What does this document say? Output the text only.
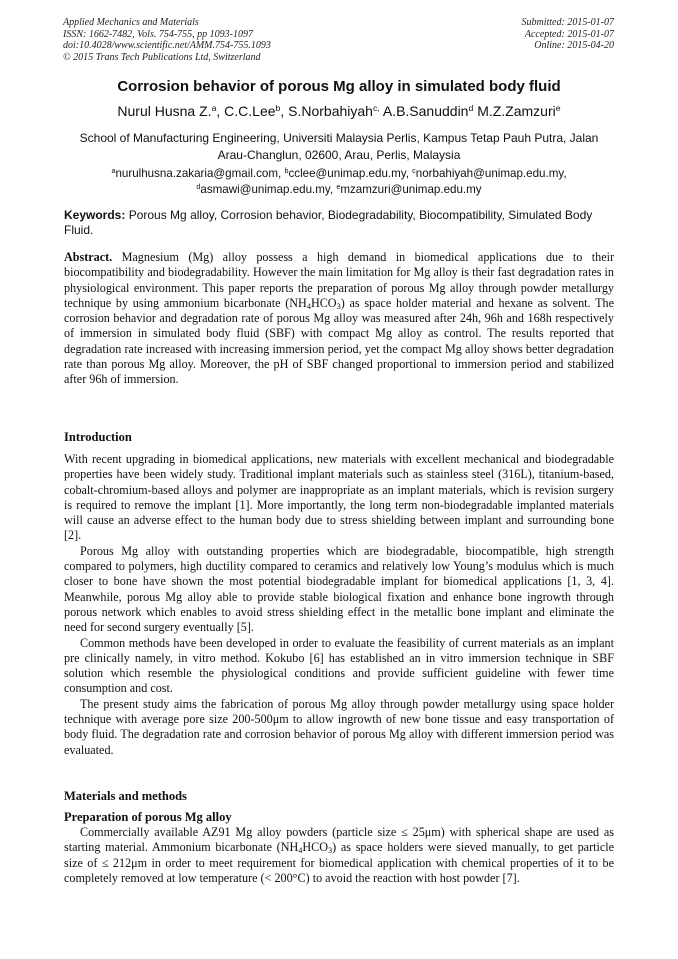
Applied Mechanics and Materials
ISSN: 1662-7482, Vols. 754-755, pp 1093-1097
doi:10.4028/www.scientific.net/AMM.754-755.1093
© 2015 Trans Tech Publications Ltd, Switzerland
Submitted: 2015-01-07
Accepted: 2015-01-07
Online: 2015-04-20
Corrosion behavior of porous Mg alloy in simulated body fluid
Nurul Husna Z.$^a$, C.C.Lee$^b$, S.Norbahiyah$^{c,}$ A.B.Sanuddin$^d$ M.Z.Zamzuri$^e$
School of Manufacturing Engineering, Universiti Malaysia Perlis, Kampus Tetap Pauh Putra, Jalan Arau-Changlun, 02600, Arau, Perlis, Malaysia
$^a$nurulhusna.zakaria@gmail.com, $^b$cclee@unimap.edu.my, $^c$norbahiyah@unimap.edu.my,
$^d$asmawi@unimap.edu.my, $^e$mzamzuri@unimap.edu.my
Keywords: Porous Mg alloy, Corrosion behavior, Biodegradability, Biocompatibility, Simulated Body Fluid.

Abstract. Magnesium (Mg) alloy possess a high demand in biomedical applications due to their biocompatibility and biodegradability. However the main limitation for Mg alloy is their fast degradation rates in physiological environment. This paper reports the preparation of porous Mg alloy through powder metallurgy technique by using ammonium bicarbonate $(NH_4HCO_3)$ as space holder material and hexane as solvent. The corrosion behavior and degradation rate of porous Mg alloy was measured after 24h, 96h and 168h respectively of immersion in simulated body fluid (SBF) with compact Mg alloy as control. The results reported that degradation rate increased with increasing immersion period, yet the compact Mg alloy shows better degradation rate than porous Mg alloy. Moreover, the pH of SBF changed proportional to immersion period and stabilized after 96h of immersion.

Introduction

With recent upgrading in biomedical applications, new materials with excellent mechanical and biodegradable properties have been widely study. Traditional implant materials such as stainless steel (316L), titanium-based, cobalt-chromium-based alloys and polymer are inappropriate as an implant materials, which is revision surgery is required to remove the implant [1]. More importantly, the long term non-biodegradable implanted materials will cause an adverse effect to the human body due to stress shielding between implant and surrounding bone [2].

Porous Mg alloy with outstanding properties which are biodegradable, biocompatible, high strength compared to polymers, high ductility compared to ceramics and relatively low Young’s modulus which is much closer to bone have shown the most potential biodegradable implant for biomedical applications [1, 3, 4]. Meanwhile, porous Mg alloy able to provide stable biological fixation and enhance bone ingrowth through porous network which enables to avoid stress shielding effect in the metallic bone implant and eliminate the need for second surgery eventually [5].

Common methods have been developed in order to evaluate the feasibility of current materials as an implant pre clinically namely, in vitro method. Kokubo [6] has established an in vitro immersion technique in SBF solution which resemble the physiological conditions and provide sufficient guideline with fewer time consumption and cost.

The present study aims the fabrication of porous Mg alloy through powder metallurgy using space holder technique with average pore size 200-500μm to allow ingrowth of new bone tissue and easy transportation of body fluid. The degradation rate and corrosion behavior of porous Mg alloy with different immersion period was evaluated.

Materials and methods
Preparation of porous Mg alloy

Commercially available AZ91 Mg alloy powders (particle size ≤ 25μm) with spherical shape are used as starting material. Ammonium bicarbonate $(NH_4HCO_3)$ as space holders were sieved manually, to get particle size of ≤ 212μm in order to meet requirement for biomedical application with chemical properties of it to be completely removed at low temperature (< 200°C) to avoid the reaction with host powder [7].
